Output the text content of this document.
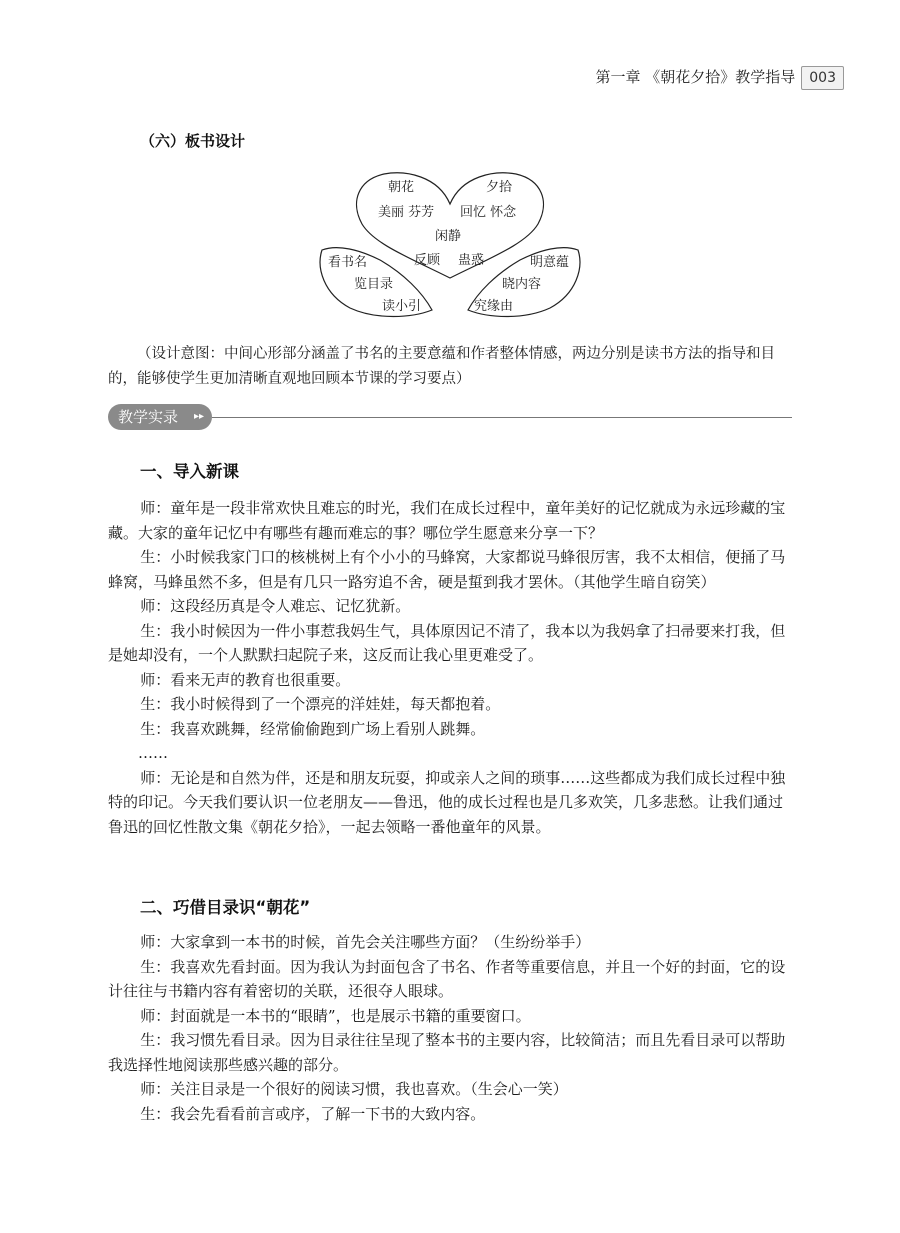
第一章 《朝花夕拾》教学指导	003
（六）板书设计
朝花	夕拾
美丽 芬芳 回忆 怀念
闲静
反顾 蛊惑
看书名
览目录
读小引
明意蕴
晓内容
究缘由

（设计意图：中间心形部分涵盖了书名的主要意蕴和作者整体情感，两边分别是读书方法的指导和目的，能够使学生更加清晰直观地回顾本节课的学习要点）

教学实录	▸▸
一、导入新课

师：童年是一段非常欢快且难忘的时光，我们在成长过程中，童年美好的记忆就成为永远珍藏的宝藏。大家的童年记忆中有哪些有趣而难忘的事？哪位学生愿意来分享一下？

生：小时候我家门口的核桃树上有个小小的马蜂窝，大家都说马蜂很厉害，我不太相信，便捅了马蜂窝，马蜂虽然不多，但是有几只一路穷追不舍，硬是蜇到我才罢休。（其他学生暗自窃笑）

师：这段经历真是令人难忘、记忆犹新。

生：我小时候因为一件小事惹我妈生气，具体原因记不清了，我本以为我妈拿了扫帚要来打我，但是她却没有，一个人默默扫起院子来，这反而让我心里更难受了。

师：看来无声的教育也很重要。

生：我小时候得到了一个漂亮的洋娃娃，每天都抱着。

生：我喜欢跳舞，经常偷偷跑到广场上看别人跳舞。

……

师：无论是和自然为伴，还是和朋友玩耍，抑或亲人之间的琐事……这些都成为我们成长过程中独特的印记。今天我们要认识一位老朋友——鲁迅，他的成长过程也是几多欢笑，几多悲愁。让我们通过鲁迅的回忆性散文集《朝花夕拾》，一起去领略一番他童年的风景。

二、巧借目录识“朝花”

师：大家拿到一本书的时候，首先会关注哪些方面？（生纷纷举手）

生：我喜欢先看封面。因为我认为封面包含了书名、作者等重要信息，并且一个好的封面，它的设计往往与书籍内容有着密切的关联，还很夺人眼球。

师：封面就是一本书的“眼睛”，也是展示书籍的重要窗口。

生：我习惯先看目录。因为目录往往呈现了整本书的主要内容，比较简洁；而且先看目录可以帮助我选择性地阅读那些感兴趣的部分。

师：关注目录是一个很好的阅读习惯，我也喜欢。（生会心一笑）

生：我会先看看前言或序，了解一下书的大致内容。
